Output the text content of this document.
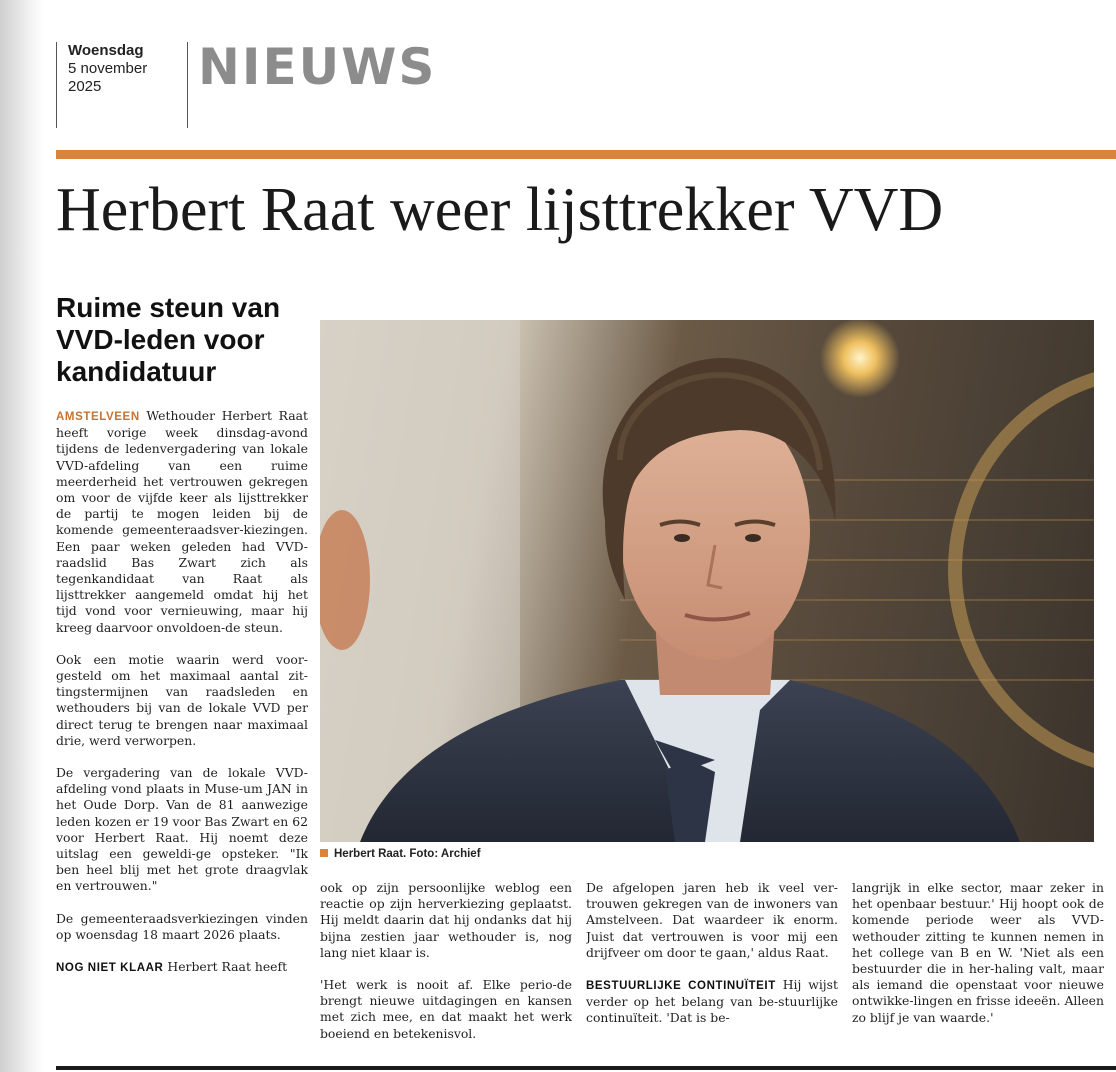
Woensdag
5 november
2025	NIEUWS
Herbert Raat weer lijsttrekker VVD
Ruime steun van VVD-leden voor kandidatuur

AMSTELVEEN Wethouder Herbert Raat heeft vorige week dinsdag-avond tijdens de ledenvergadering van lokale VVD-afdeling van een ruime meerderheid het vertrouwen gekregen om voor de vijfde keer als lijsttrekker de partij te mogen leiden bij de komende gemeenteraadsver-kiezingen. Een paar weken geleden had VVD-raadslid Bas Zwart zich als tegenkandidaat van Raat als lijsttrekker aangemeld omdat hij het tijd vond voor vernieuwing, maar hij kreeg daarvoor onvoldoen-de steun.

Ook een motie waarin werd voor-gesteld om het maximaal aantal zit-tingstermijnen van raadsleden en wethouders bij van de lokale VVD per direct terug te brengen naar maximaal drie, werd verworpen.

De vergadering van de lokale VVD-afdeling vond plaats in Muse-um JAN in het Oude Dorp. Van de 81 aanwezige leden kozen er 19 voor Bas Zwart en 62 voor Herbert Raat. Hij noemt deze uitslag een geweldi-ge opsteker. "Ik ben heel blij met het grote draagvlak en vertrouwen."

De gemeenteraadsverkiezingen vinden op woensdag 18 maart 2026 plaats.

NOG NIET KLAAR Herbert Raat heeft

Herbert Raat. Foto: Archief

ook op zijn persoonlijke weblog een reactie op zijn herverkiezing geplaatst. Hij meldt daarin dat hij ondanks dat hij bijna zestien jaar wethouder is, nog lang niet klaar is.

'Het werk is nooit af. Elke perio-de brengt nieuwe uitdagingen en kansen met zich mee, en dat maakt het werk boeiend en betekenisvol.

De afgelopen jaren heb ik veel ver-trouwen gekregen van de inwoners van Amstelveen. Dat waardeer ik enorm. Juist dat vertrouwen is voor mij een drijfveer om door te gaan,' aldus Raat.

BESTUURLIJKE CONTINUÏTEIT Hij wijst verder op het belang van be-stuurlijke continuïteit. 'Dat is be-

langrijk in elke sector, maar zeker in het openbaar bestuur.' Hij hoopt ook de komende periode weer als VVD-wethouder zitting te kunnen nemen in het college van B en W. 'Niet als een bestuurder die in her-haling valt, maar als iemand die openstaat voor nieuwe ontwikke-lingen en frisse ideeën. Alleen zo blijf je van waarde.'
